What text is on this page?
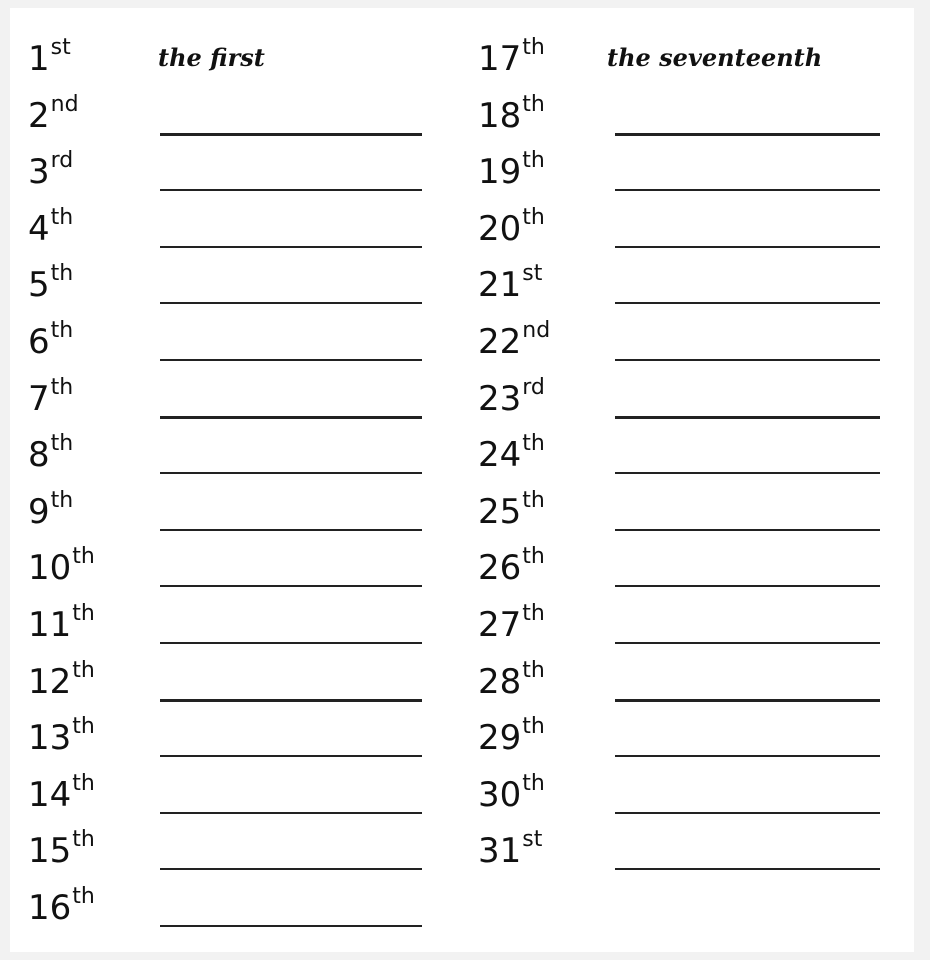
1st	the first
2nd
3rd
4th
5th
6th
7th
8th
9th
10th
11th
12th
13th
14th
15th
16th
17th	the seventeenth
18th
19th
20th
21st
22nd
23rd
24th
25th
26th
27th
28th
29th
30th
31st
